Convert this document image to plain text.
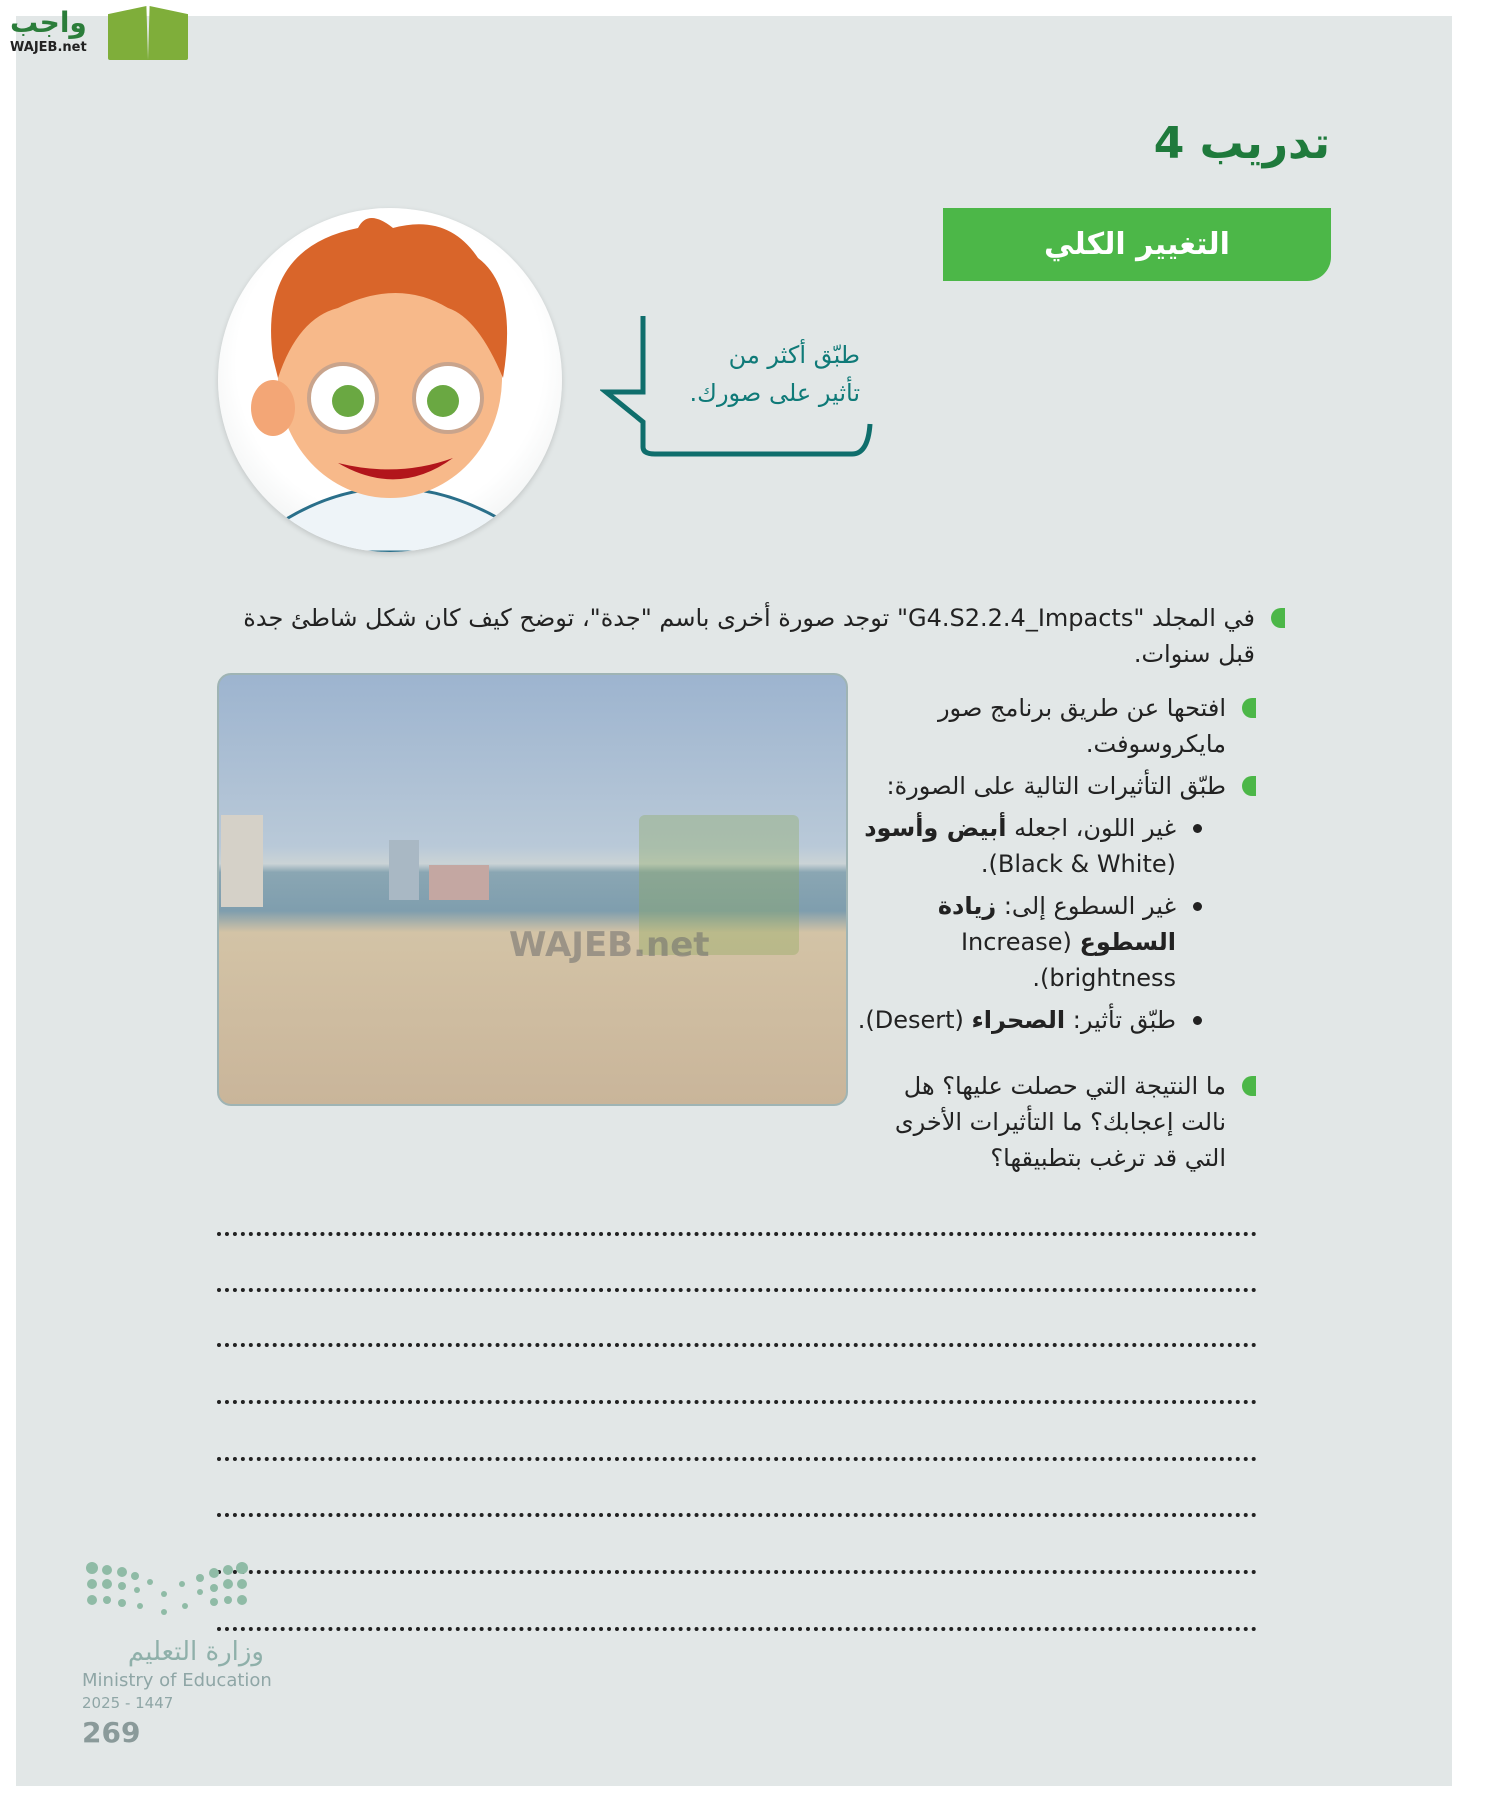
واجب
WAJEB.net
تدريب 4
التغيير الكلي
طبّق أكثر من
تأثير على صورك.
في المجلد "G4.S2.2.4_Impacts" توجد صورة أخرى باسم "جدة"، توضح كيف كان شكل شاطئ جدة قبل سنوات.
WAJEB.net
افتحها عن طريق برنامج صور مايكروسوفت.
طبّق التأثيرات التالية على الصورة:
غير اللون، اجعله أبيض وأسود (Black & White).
غير السطوع إلى: زيادة السطوع (Increase brightness).
طبّق تأثير: الصحراء (Desert).
ما النتيجة التي حصلت عليها؟ هل نالت إعجابك؟ ما التأثيرات الأخرى التي قد ترغب بتطبيقها؟
وزارة التعليم
Ministry of Education
2025 - 1447
269
